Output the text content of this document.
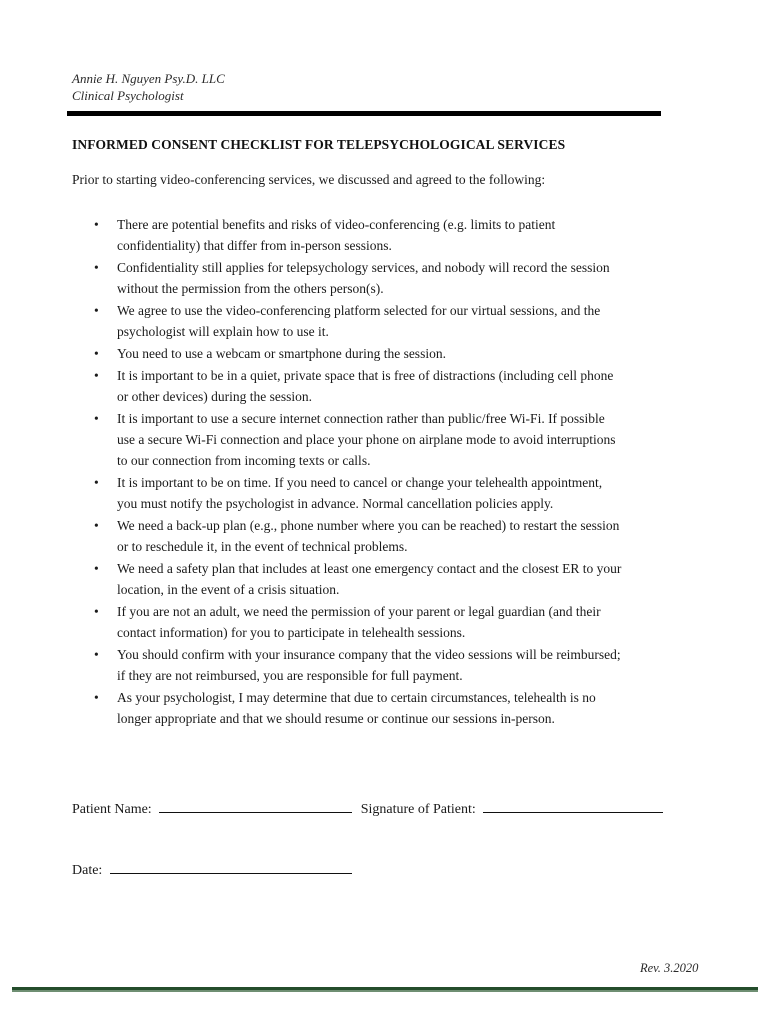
Annie H. Nguyen Psy.D. LLC
Clinical Psychologist
INFORMED CONSENT CHECKLIST FOR TELEPSYCHOLOGICAL SERVICES
Prior to starting video-conferencing services, we discussed and agreed to the following:
• There are potential benefits and risks of video-conferencing (e.g. limits to patient
confidentiality) that differ from in-person sessions.
• Confidentiality still applies for telepsychology services, and nobody will record the session
without the permission from the others person(s).
• We agree to use the video-conferencing platform selected for our virtual sessions, and the
psychologist will explain how to use it.
• You need to use a webcam or smartphone during the session.
• It is important to be in a quiet, private space that is free of distractions (including cell phone
or other devices) during the session.
• It is important to use a secure internet connection rather than public/free Wi-Fi. If possible
use a secure Wi-Fi connection and place your phone on airplane mode to avoid interruptions
to our connection from incoming texts or calls.
• It is important to be on time. If you need to cancel or change your telehealth appointment,
you must notify the psychologist in advance. Normal cancellation policies apply.
• We need a back-up plan (e.g., phone number where you can be reached) to restart the session
or to reschedule it, in the event of technical problems.
• We need a safety plan that includes at least one emergency contact and the closest ER to your
location, in the event of a crisis situation.
• If you are not an adult, we need the permission of your parent or legal guardian (and their
contact information) for you to participate in telehealth sessions.
• You should confirm with your insurance company that the video sessions will be reimbursed;
if they are not reimbursed, you are responsible for full payment.
• As your psychologist, I may determine that due to certain circumstances, telehealth is no
longer appropriate and that we should resume or continue our sessions in-person.
Patient Name:	Signature of Patient:
Date:
Rev. 3.2020
